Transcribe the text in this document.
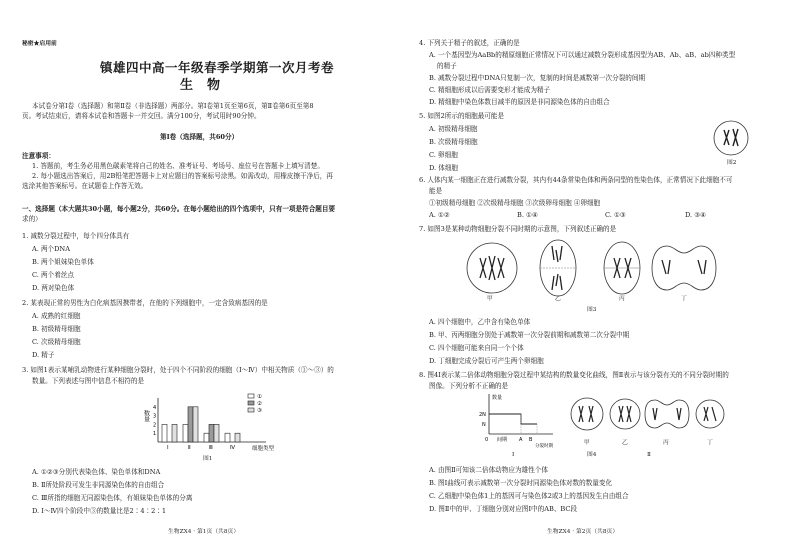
秘密★启用前
镇雄四中高一年级春季学期第一次月考卷
生物
本试卷分第Ⅰ卷（选择题）和第Ⅱ卷（非选择题）两部分。第Ⅰ卷第1页至第6页，第Ⅱ卷第6页至第8
页。考试结束后，请将本试卷和答题卡一并交回。满分100分，考试用时90分钟。
第Ⅰ卷（选择题，共60分）
注意事项：
1. 答题前，考生务必用黑色碳素笔将自己的姓名、准考证号、考场号、座位号在答题卡上填写清楚。
2. 每小题选出答案后，用2B铅笔把答题卡上对应题目的答案标号涂黑。如需改动，用橡皮擦干净后，再
选涂其他答案标号。在试题卷上作答无效。
一、选择题（本大题共30小题，每小题2分，共60分。在每小题给出的四个选项中，只有一项是符合题目要
求的）
1. 减数分裂过程中，每个四分体具有
A. 两个DNA
B. 两个姐妹染色单体
C. 两个着丝点
D. 两对染色体
2. 某表现正常的男性为白化病基因携带者，在他的下列细胞中，一定含致病基因的是
A. 成熟的红细胞
B. 初级精母细胞
C. 次级精母细胞
D. 精子
3. 如图1表示某哺乳动物进行某种细胞分裂时，处于四个不同阶段的细胞（Ⅰ～Ⅳ）中相关物质（①～③）的
数量。下列表述与图中信息不相符的是
数量
Ⅰ	Ⅱ	Ⅲ	Ⅳ
1
2
3
4
①
②
③
细胞类型
图1
A. ①②③分别代表染色体、染色单体和DNA
B. Ⅱ所处阶段可发生非同源染色体的自由组合
C. Ⅲ所指的细胞无同源染色体，有姐妹染色单体的分离
D. Ⅰ～Ⅳ四个阶段中③的数量比是2∶4∶2∶1
生物ZX4 · 第1页（共8页）
4. 下列关于精子的叙述，正确的是
A. 一个基因型为AaBb的精原细胞正常情况下可以通过减数分裂形成基因型为AB、Ab、aB、ab四种类型
的精子
B. 减数分裂过程中DNA只复制一次，复制的时间是减数第一次分裂的间期
C. 精细胞形成以后需要变形才能成为精子
D. 精细胞中染色体数目减半的原因是非同源染色体的自由组合
5. 如图2所示的细胞最可能是
A. 初级精母细胞
B. 次级精母细胞
C. 卵细胞
D. 体细胞
图2
6. 人体内某一细胞正在进行减数分裂，其内有44条常染色体和两条同型的性染色体，正常情况下此细胞不可
能是
①初级精母细胞 ②次级精母细胞 ③次级卵母细胞 ④卵细胞
A. ①②	B. ①④	C. ①③	D. ③④
7. 如图3是某种动物细胞分裂不同时期的示意图，下列叙述正确的是
甲	乙	丙	丁
图3
A. 四个细胞中，乙中含有染色单体
B. 甲、丙两细胞分别处于减数第一次分裂前期和减数第二次分裂中期
C. 四个细胞可能来自同一个个体
D. 丁细胞完成分裂后可产生两个卵细胞
8. 图4Ⅰ表示某二倍体动物细胞分裂过程中某结构的数量变化曲线，图Ⅱ表示与该分裂有关的不同分裂时期的
图像。下列分析不正确的是
数量
2N
N
0 间期 A B
分裂时期
Ⅰ
甲	乙	丙	丁
Ⅱ
图4
A. 由图Ⅱ可知该二倍体动物应为雄性个体
B. 图Ⅰ曲线可表示减数第一次分裂时同源染色体对数的数量变化
C. 乙细胞中染色体1上的基因可与染色体2或3上的基因发生自由组合
D. 图Ⅱ中的甲、丁细胞分别对应图Ⅰ中的AB、BC段
生物ZX4 · 第2页（共8页）
